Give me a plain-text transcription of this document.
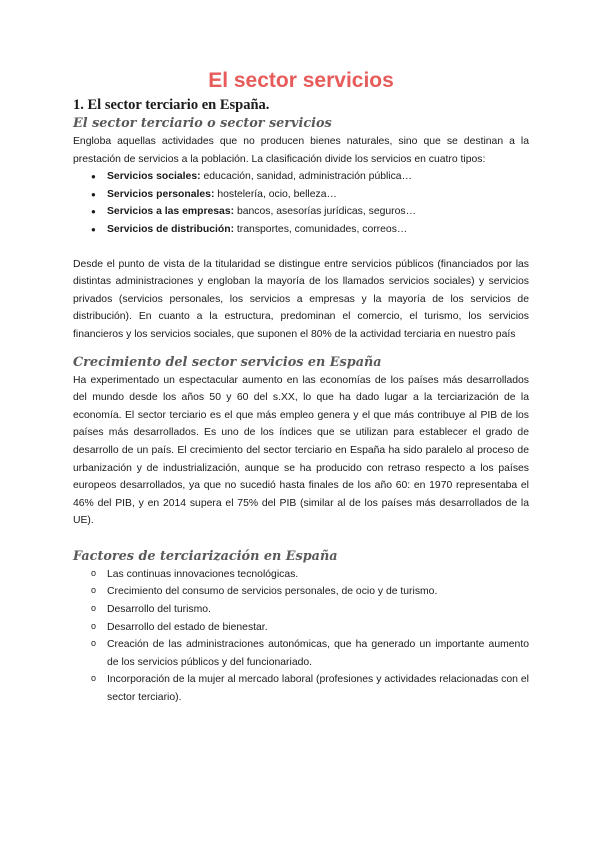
El sector servicios
1. El sector terciario en España.
El sector terciario o sector servicios

Engloba aquellas actividades que no producen bienes naturales, sino que se destinan a la prestación de servicios a la población. La clasificación divide los servicios en cuatro tipos:

Servicios sociales: educación, sanidad, administración pública…
Servicios personales: hostelería, ocio, belleza…
Servicios a las empresas: bancos, asesorías jurídicas, seguros…
Servicios de distribución: transportes, comunidades, correos…

Desde el punto de vista de la titularidad se distingue entre servicios públicos (financiados por las distintas administraciones y engloban la mayoría de los llamados servicios sociales) y servicios privados (servicios personales, los servicios a empresas y la mayoría de los servicios de distribución). En cuanto a la estructura, predominan el comercio, el turismo, los servicios financieros y los servicios sociales, que suponen el 80% de la actividad terciaria en nuestro país

Crecimiento del sector servicios en España

Ha experimentado un espectacular aumento en las economías de los países más desarrollados del mundo desde los años 50 y 60 del s.XX, lo que ha dado lugar a la terciarización de la economía. El sector terciario es el que más empleo genera y el que más contribuye al PIB de los países más desarrollados. Es uno de los índices que se utilizan para establecer el grado de desarrollo de un país. El crecimiento del sector terciario en España ha sido paralelo al proceso de urbanización y de industrialización, aunque se ha producido con retraso respecto a los países europeos desarrollados, ya que no sucedió hasta finales de los año 60: en 1970 representaba el 46% del PIB, y en 2014 supera el 75% del PIB (similar al de los países más desarrollados de la UE).

Factores de terciarización en España
Las continuas innovaciones tecnológicas.
Crecimiento del consumo de servicios personales, de ocio y de turismo.
Desarrollo del turismo.
Desarrollo del estado de bienestar.
Creación de las administraciones autonómicas, que ha generado un importante aumento de los servicios públicos y del funcionariado.
Incorporación de la mujer al mercado laboral (profesiones y actividades relacionadas con el sector terciario).
